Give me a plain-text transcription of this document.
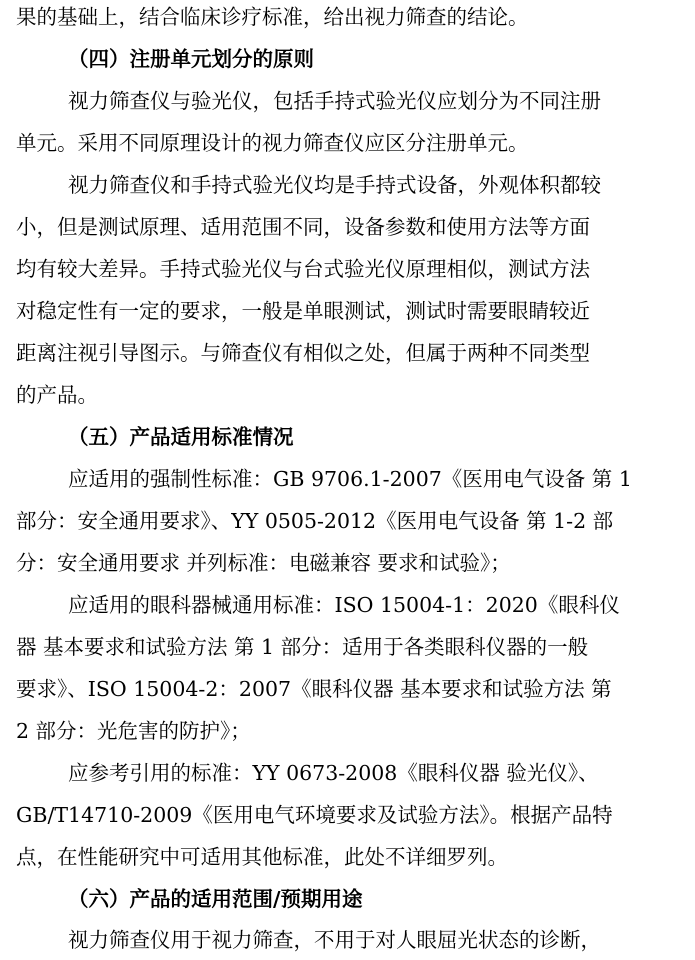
果的基础上，结合临床诊疗标准，给出视力筛查的结论。
（四）注册单元划分的原则
视力筛查仪与验光仪，包括手持式验光仪应划分为不同注册
单元。采用不同原理设计的视力筛查仪应区分注册单元。
视力筛查仪和手持式验光仪均是手持式设备，外观体积都较
小，但是测试原理、适用范围不同，设备参数和使用方法等方面
均有较大差异。手持式验光仪与台式验光仪原理相似，测试方法
对稳定性有一定的要求，一般是单眼测试，测试时需要眼睛较近
距离注视引导图示。与筛查仪有相似之处，但属于两种不同类型
的产品。
（五）产品适用标准情况
应适用的强制性标准：GB 9706.1-2007《医用电气设备 第 1
部分：安全通用要求》、YY 0505-2012《医用电气设备 第 1-2 部
分：安全通用要求 并列标准：电磁兼容 要求和试验》；
应适用的眼科器械通用标准：ISO 15004-1：2020《眼科仪
器 基本要求和试验方法 第 1 部分：适用于各类眼科仪器的一般
要求》、ISO 15004-2：2007《眼科仪器 基本要求和试验方法 第
2 部分：光危害的防护》；
应参考引用的标准：YY 0673-2008《眼科仪器 验光仪》、
GB/T14710-2009《医用电气环境要求及试验方法》。根据产品特
点，在性能研究中可适用其他标准，此处不详细罗列。
（六）产品的适用范围/预期用途
视力筛查仪用于视力筛查，不用于对人眼屈光状态的诊断，
